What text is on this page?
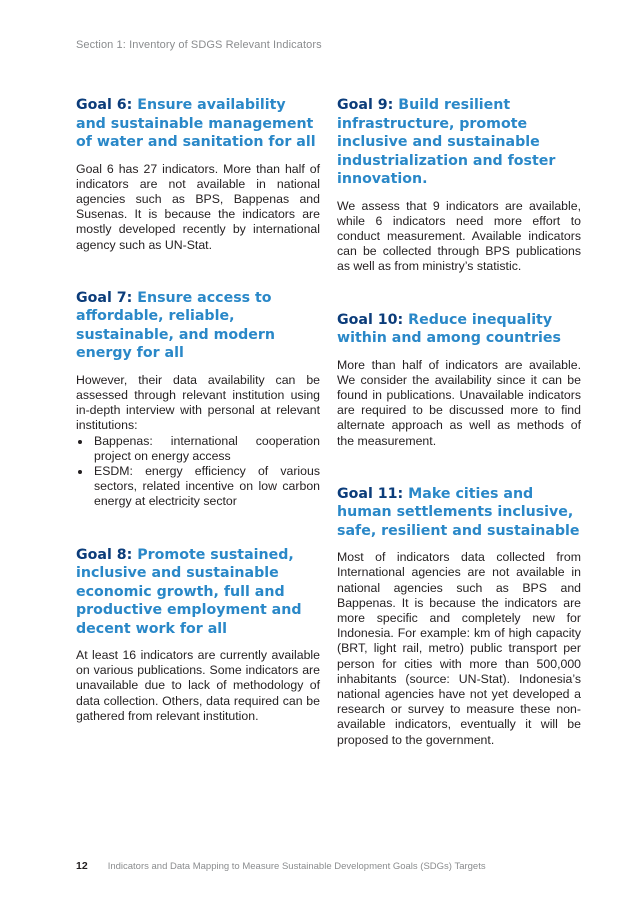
Section 1: Inventory of SDGS Relevant Indicators
Goal 6: Ensure availability and sustainable management of water and sanitation for all

Goal 6 has 27 indicators. More than half of indicators are not available in national agencies such as BPS, Bappenas and Susenas. It is because the indicators are mostly developed recently by international agency such as UN-Stat.

Goal 7: Ensure access to affordable, reliable, sustainable, and modern energy for all

However, their data availability can be assessed through relevant institution using in-depth interview with personal at relevant institutions:

• Bappenas: international cooperation project on energy access
• ESDM: energy efficiency of various sectors, related incentive on low carbon energy at electricity sector
Goal 8: Promote sustained, inclusive and sustainable economic growth, full and productive employment and decent work for all

At least 16 indicators are currently available on various publications. Some indicators are unavailable due to lack of methodology of data collection. Others, data required can be gathered from relevant institution.

Goal 9: Build resilient infrastructure, promote inclusive and sustainable industrialization and foster innovation.

We assess that 9 indicators are available, while 6 indicators need more effort to conduct measurement. Available indicators can be collected through BPS publications as well as from ministry’s statistic.

Goal 10: Reduce inequality within and among countries

More than half of indicators are available. We consider the availability since it can be found in publications. Unavailable indicators are required to be discussed more to find alternate approach as well as methods of the measurement.

Goal 11: Make cities and human settlements inclusive, safe, resilient and sustainable

Most of indicators data collected from International agencies are not available in national agencies such as BPS and Bappenas. It is because the indicators are more specific and completely new for Indonesia. For example: km of high capacity (BRT, light rail, metro) public transport per person for cities with more than 500,000 inhabitants (source: UN-Stat). Indonesia’s national agencies have not yet developed a research or survey to measure these non-available indicators, eventually it will be proposed to the government.

12 Indicators and Data Mapping to Measure Sustainable Development Goals (SDGs) Targets
